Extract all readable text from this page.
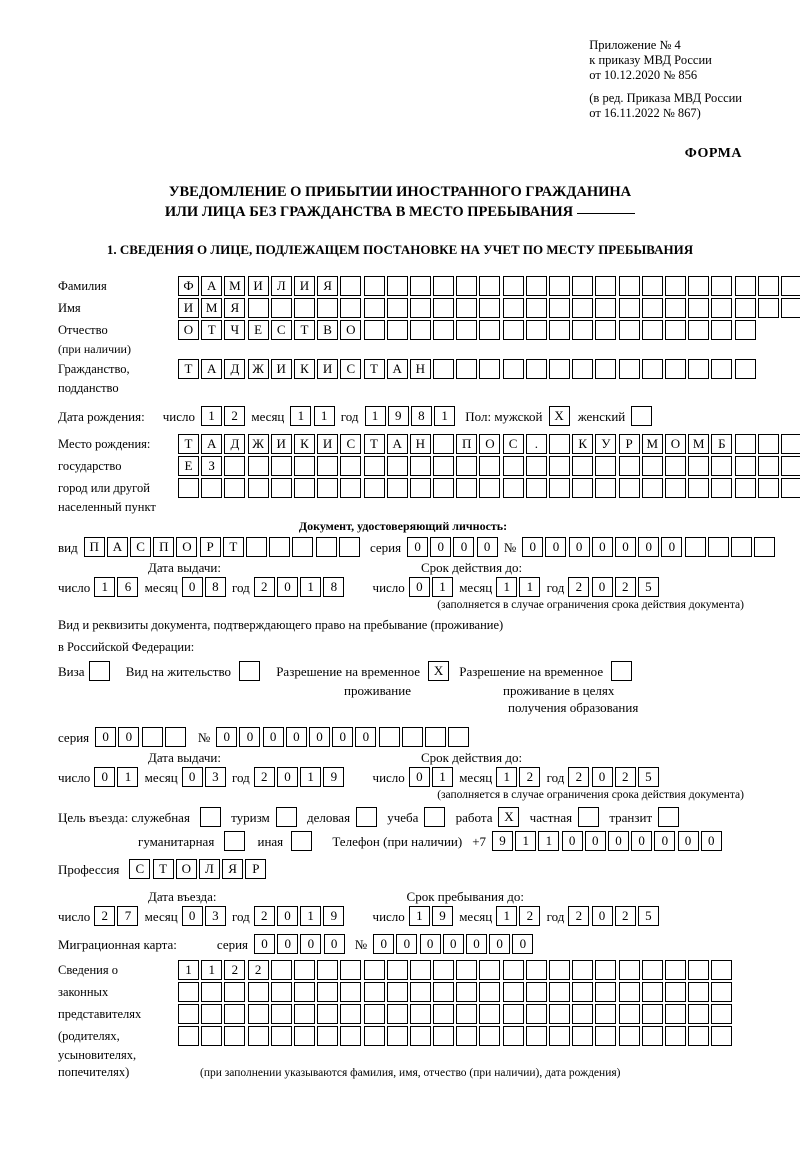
Приложение № 4
к приказу МВД России
от 10.12.2020 № 856
(в ред. Приказа МВД России
от 16.11.2022 № 867)
ФОРМА
УВЕДОМЛЕНИЕ О ПРИБЫТИИ ИНОСТРАННОГО ГРАЖДАНИНА
ИЛИ ЛИЦА БЕЗ ГРАЖДАНСТВА В МЕСТО ПРЕБЫВАНИЯ
1. СВЕДЕНИЯ О ЛИЦЕ, ПОДЛЕЖАЩЕМ ПОСТАНОВКЕ НА УЧЕТ ПО МЕСТУ ПРЕБЫВАНИЯ
Фамилия	Ф	А М И	Л	И	Я
Имя	И М	Я
Отчество	О	Т	Ч	Е	С	Т	В	О
(при наличии)
Гражданство,	Т	А	Д Ж И	К	И	С	Т	А	Н
подданство
Дата рождения: число	1	2	месяц	1	1	год	1	9	8	1	Пол: мужской X	женский
Место рождения:	Т	А	Д Ж И	К	И	С	Т	А	Н	П	О	С	.	К	У	Р	М О М	Б
государство	Е	З
город или другой
населенный пункт
Документ, удостоверяющий личность:
вид П	А	С	П	О	Р	Т	серия	0	0	0	0	№	0	0	0	0	0	0	0
Дата выдачи:	Срок действия до:
число 1	6	месяц 0	8	год 2	0	1	8	число 0	1	месяц 1	1	год 2	0	2	5
(заполняется в случае ограничения срока действия документа)
Вид и реквизиты документа, подтверждающего право на пребывание (проживание)
в Российской Федерации:
Виза	Вид на жительство	Разрешение на временное	X	Разрешение на временное
проживание	проживание в целях
получения образования
серия	0	0	№	0	0	0	0	0	0	0
Дата выдачи:	Срок действия до:
число 0	1	месяц 0	3	год 2	0	1	9	число 0	1	месяц 1	2	год 2	0	2	5
(заполняется в случае ограничения срока действия документа)
Цель въезда: служебная	туризм	деловая	учеба	работа X	частная	транзит
гуманитарная	иная	Телефон (при наличии) +7	9	1	1	0	0	0	0	0	0	0
Профессия	С	Т	О	Л	Я	Р
Дата въезда:	Срок пребывания до:
число 2	7	месяц 0	3	год 2	0	1	9	число 1	9	месяц 1	2	год 2	0	2	5
Миграционная карта:	серия	0	0	0	0	№	0	0	0	0	0	0	0
Сведения о	1	1	2	2
законных
представителях
(родителях,
усыновителях,
попечителях)	(при заполнении указываются фамилия, имя, отчество (при наличии), дата рождения)
